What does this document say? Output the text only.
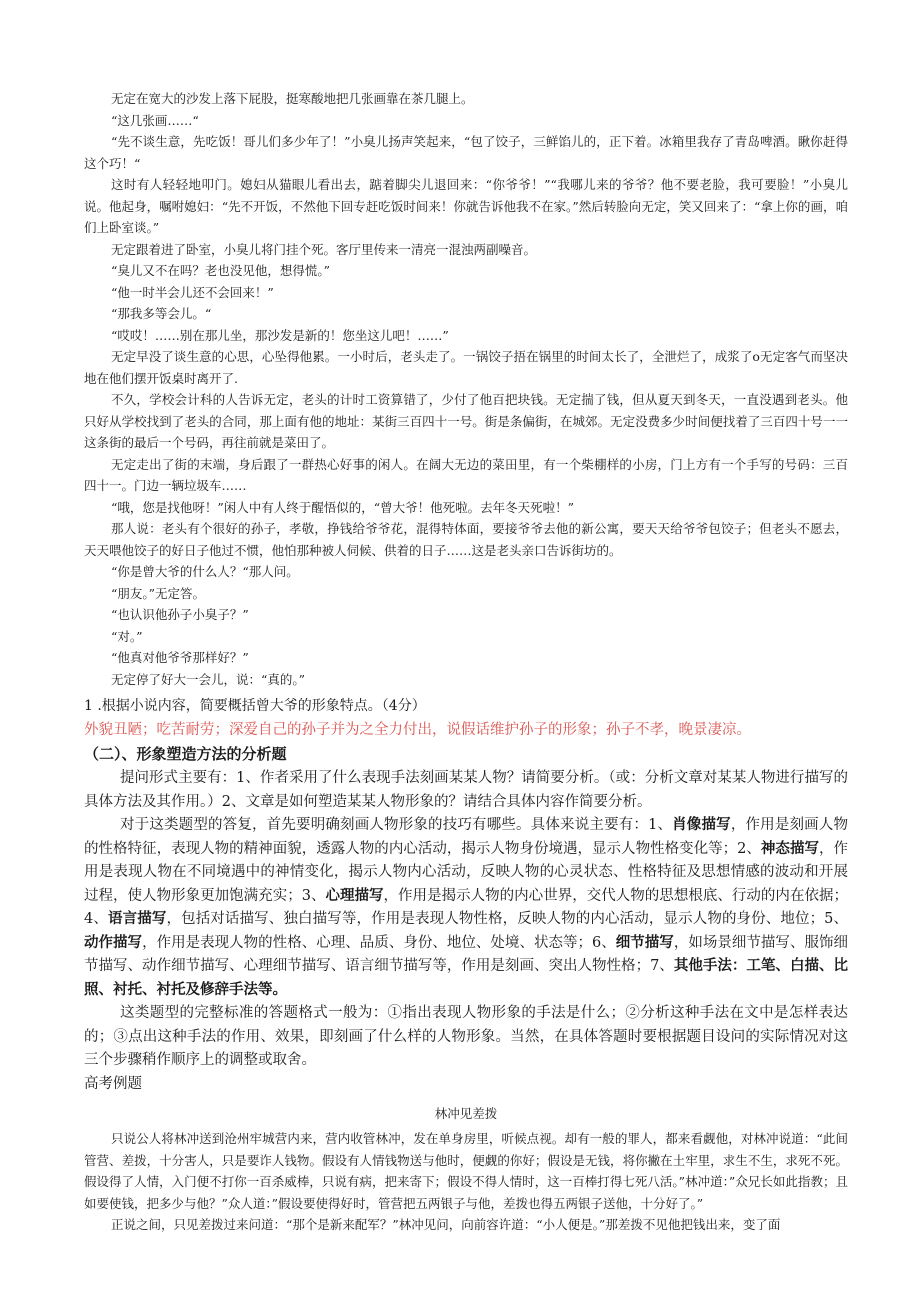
无定在宽大的沙发上落下屁股，挺寒酸地把几张画靠在茶几腿上。

“这几张画……“

“先不谈生意，先吃饭！哥儿们多少年了！”小臭儿扬声笑起来，“包了饺子，三鲜馅儿的，正下着。冰箱里我存了青岛啤酒。瞅你赶得这个巧！“

这时有人轻轻地叩门。媳妇从猫眼儿看出去，踮着脚尖儿退回来：“你爷爷！”“我哪儿来的爷爷？他不要老脸，我可要脸！”小臭儿说。他起身，嘱咐媳妇：“先不开饭，不然他下回专赶吃饭时间来！你就告诉他我不在家。”然后转脸向无定，笑又回来了：“拿上你的画，咱们上卧室谈。”

无定跟着进了卧室，小臭儿将门挂个死。客厅里传来一清亮一混浊两副噪音。

“臭儿又不在吗？老也没见他，想得慌。”

“他一时半会儿还不会回来！”

“那我多等会儿。“

“哎哎！……别在那儿坐，那沙发是新的！您坐这儿吧！……”

无定早没了谈生意的心思，心坠得他累。一小时后，老头走了。一锅饺子捂在锅里的时间太长了，全泄烂了，成浆了o无定客气而坚决地在他们摆开饭桌时离开了.

不久，学校会计科的人告诉无定，老头的计时工资算错了，少付了他百把块钱。无定揣了钱，但从夏天到冬天，一直没遇到老头。他只好从学校找到了老头的合同，那上面有他的地址：某街三百四十一号。街是条偏街，在城郊。无定没费多少时间便找着了三百四十号一一这条街的最后一个号码，再往前就是菜田了。

无定走出了街的末端，身后跟了一群热心好事的闲人。在阔大无边的菜田里，有一个柴棚样的小房，门上方有一个手写的号码：三百四十一。门边一辆垃圾车……

“哦，您是找他呀！”闲人中有人终于醒悟似的，“曾大爷！他死啦。去年冬天死啦！”

那人说：老头有个很好的孙子，孝敬，挣钱给爷爷花，混得特体面，要接爷爷去他的新公寓，要天天给爷爷包饺子；但老头不愿去，天天喂他饺子的好日子他过不惯，他怕那种被人伺候、供着的日子……这是老头亲口告诉街坊的。

“你是曾大爷的什么人？“那人问。

“朋友。”无定答。

“也认识他孙子小臭子？”

“对。”

“他真对他爷爷那样好？”

无定停了好大一会儿，说：“真的。”

1 .根据小说内容，简要概括曾大爷的形象特点。（4分）

外貌丑陋；吃苦耐劳；深爱自己的孙子并为之全力付出，说假话维护孙子的形象；孙子不孝，晚景凄凉。

（二）、形象塑造方法的分析题

提问形式主要有：1、作者采用了什么表现手法刻画某某人物？请简要分析。（或：分析文章对某某人物进行描写的具体方法及其作用。）2、文章是如何塑造某某人物形象的？请结合具体内容作简要分析。

对于这类题型的答复，首先要明确刻画人物形象的技巧有哪些。具体来说主要有：1、肖像描写，作用是刻画人物的性格特征，表现人物的精神面貌，透露人物的内心活动，揭示人物身份境遇，显示人物性格变化等；2、神态描写，作用是表现人物在不同境遇中的神情变化，揭示人物内心活动，反映人物的心灵状态、性格特征及思想情感的波动和开展过程，使人物形象更加饱满充实；3、心理描写，作用是揭示人物的内心世界，交代人物的思想根底、行动的内在依据；4、语言描写，包括对话描写、独白描写等，作用是表现人物性格，反映人物的内心活动，显示人物的身份、地位；5、动作描写，作用是表现人物的性格、心理、品质、身份、地位、处境、状态等；6、细节描写，如场景细节描写、服饰细节描写、动作细节描写、心理细节描写、语言细节描写等，作用是刻画、突出人物性格；7、其他手法：工笔、白描、比照、衬托、衬托及修辞手法等。

这类题型的完整标准的答题格式一般为：①指出表现人物形象的手法是什么；②分析这种手法在文中是怎样表达的；③点出这种手法的作用、效果，即刻画了什么样的人物形象。当然，在具体答题时要根据题目设问的实际情况对这三个步骤稍作顺序上的调整或取舍。

高考例题

林冲见差拨

只说公人将林冲送到沧州牢城营内来，营内收管林冲，发在单身房里，听候点视。却有一般的罪人，都来看觑他，对林冲说道：“此间管营、差拨，十分害人，只是要诈人钱物。假设有人情钱物送与他时，便觑的你好；假设是无钱，将你撇在土牢里，求生不生，求死不死。假设得了人情，入门便不打你一百杀威棒，只说有病，把来寄下；假设不得人情时，这一百棒打得七死八活。”林冲道：”众兄长如此指教；且如要使钱，把多少与他？”众人道：”假设要使得好时，管营把五两银子与他，差拨也得五两银子送他，十分好了。”

正说之间，只见差拨过来问道：“那个是新来配军？”林冲见问，向前容许道：“小人便是。”那差拨不见他把钱出来，变了面
